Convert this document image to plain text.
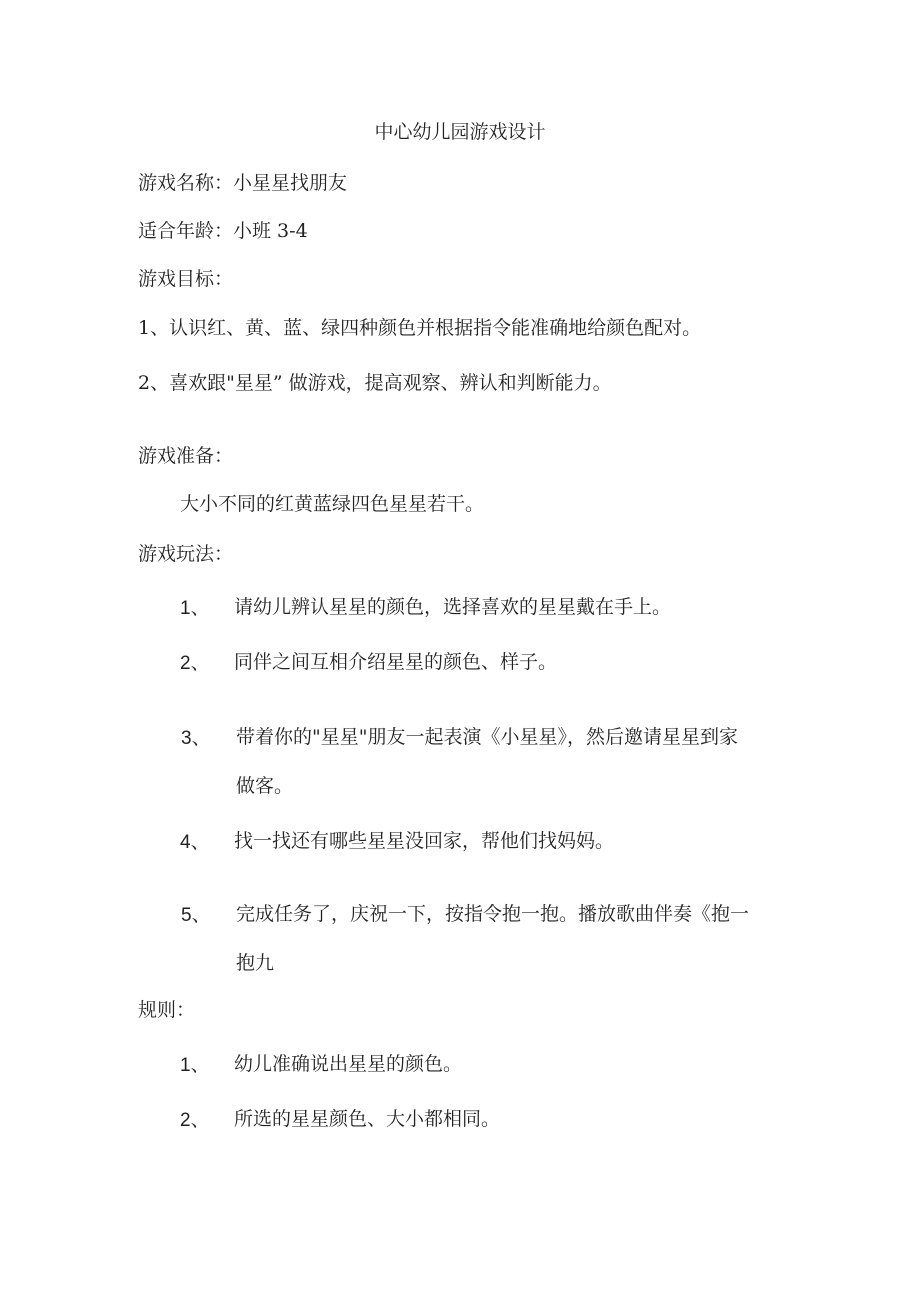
中心幼儿园游戏设计
游戏名称：小星星找朋友
适合年龄：小班 3-4
游戏目标：
1、认识红、黄、蓝、绿四种颜色并根据指令能准确地给颜色配对。
2、喜欢跟"星星” 做游戏，提高观察、辨认和判断能力。
游戏准备：
大小不同的红黄蓝绿四色星星若干。
游戏玩法：
1、 请幼儿辨认星星的颜色，选择喜欢的星星戴在手上。
2、 同伴之间互相介绍星星的颜色、样子。
3、 带着你的"星星"朋友一起表演《小星星》，然后邀请星星到家
做客。
4、 找一找还有哪些星星没回家，帮他们找妈妈。
5、 完成任务了，庆祝一下，按指令抱一抱。播放歌曲伴奏《抱一
抱九
规则：
1、 幼儿准确说出星星的颜色。
2、 所选的星星颜色、大小都相同。
